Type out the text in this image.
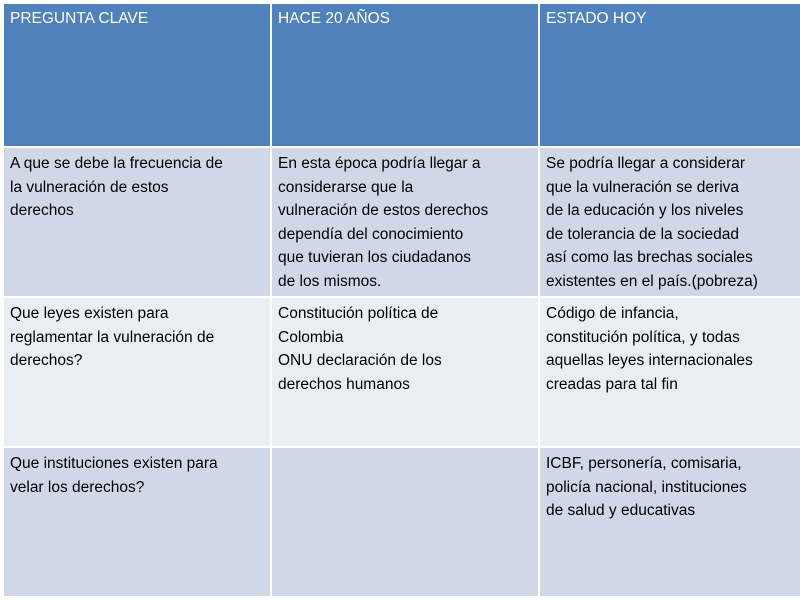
PREGUNTA CLAVE	HACE 20 AÑOS	ESTADO HOY
A que se debe la frecuencia de
la vulneración de estos
derechos
En esta época podría llegar a
considerarse que la
vulneración de estos derechos
dependía del conocimiento
que tuvieran los ciudadanos
de los mismos.
Se podría llegar a considerar
que la vulneración se deriva
de la educación y los niveles
de tolerancia de la sociedad
así como las brechas sociales
existentes en el país.(pobreza)
Que leyes existen para
reglamentar la vulneración de
derechos?
Constitución política de
Colombia
ONU declaración de los
derechos humanos
Código de infancia,
constitución política, y todas
aquellas leyes internacionales
creadas para tal fin
Que instituciones existen para
velar los derechos?
ICBF, personería, comisaria,
policía nacional, instituciones
de salud y educativas
